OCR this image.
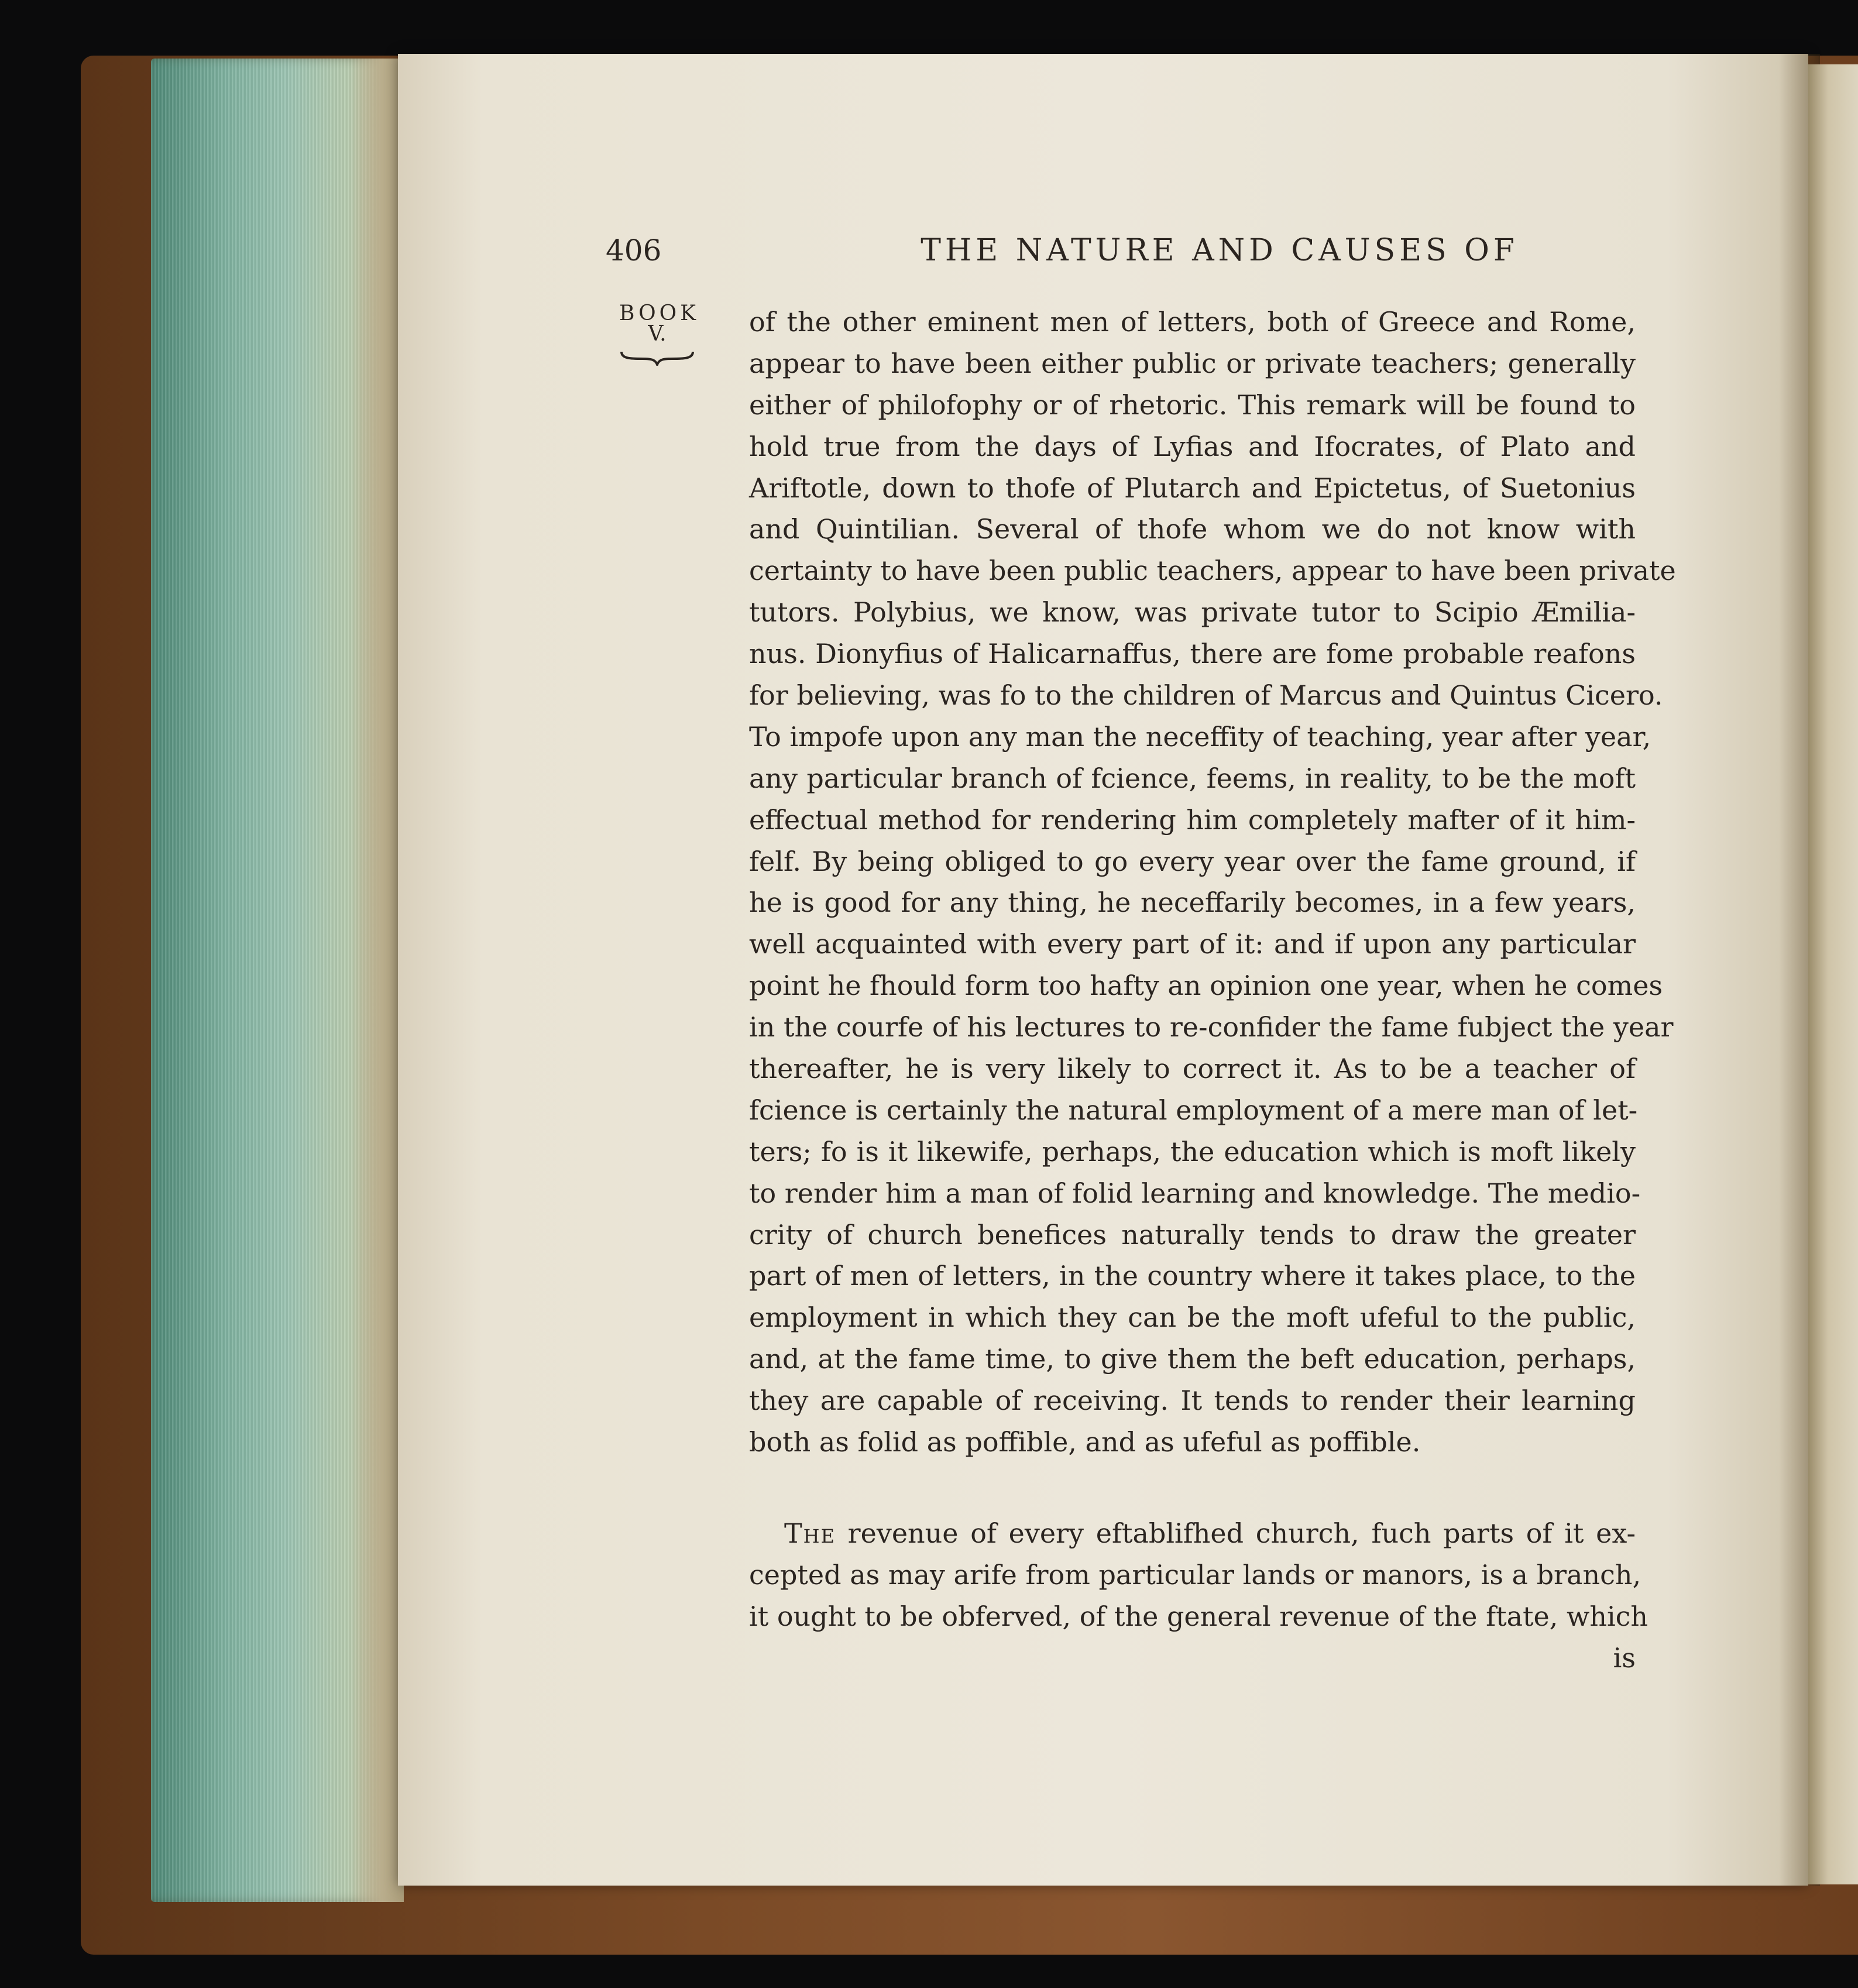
406	THE NATURE AND CAUSES OF
BOOK
V.	of the other eminent men of letters, both of Greece and Rome,
appear to have been either public or private teachers; generally
either of philofophy or of rhetoric. This remark will be found to
hold true from the days of Lyfias and Ifocrates, of Plato and
Ariftotle, down to thofe of Plutarch and Epictetus, of Suetonius
and Quintilian. Several of thofe whom we do not know with
certainty to have been public teachers, appear to have been private
tutors. Polybius, we know, was private tutor to Scipio Æmilia-
nus. Dionyfius of Halicarnaffus, there are fome probable reafons
for believing, was fo to the children of Marcus and Quintus Cicero.
To impofe upon any man the neceffity of teaching, year after year,
any particular branch of fcience, feems, in reality, to be the moft
effectual method for rendering him completely mafter of it him-
felf. By being obliged to go every year over the fame ground, if
he is good for any thing, he neceffarily becomes, in a few years,
well acquainted with every part of it: and if upon any particular
point he fhould form too hafty an opinion one year, when he comes
in the courfe of his lectures to re-confider the fame fubject the year
thereafter, he is very likely to correct it. As to be a teacher of
fcience is certainly the natural employment of a mere man of let-
ters; fo is it likewife, perhaps, the education which is moft likely
to render him a man of folid learning and knowledge. The medio-
crity of church benefices naturally tends to draw the greater
part of men of letters, in the country where it takes place, to the
employment in which they can be the moft ufeful to the public,
and, at the fame time, to give them the beft education, perhaps,
they are capable of receiving. It tends to render their learning
both as folid as poffible, and as ufeful as poffible.
The revenue of every eftablifhed church, fuch parts of it ex-
cepted as may arife from particular lands or manors, is a branch,
it ought to be obferved, of the general revenue of the ftate, which
is
